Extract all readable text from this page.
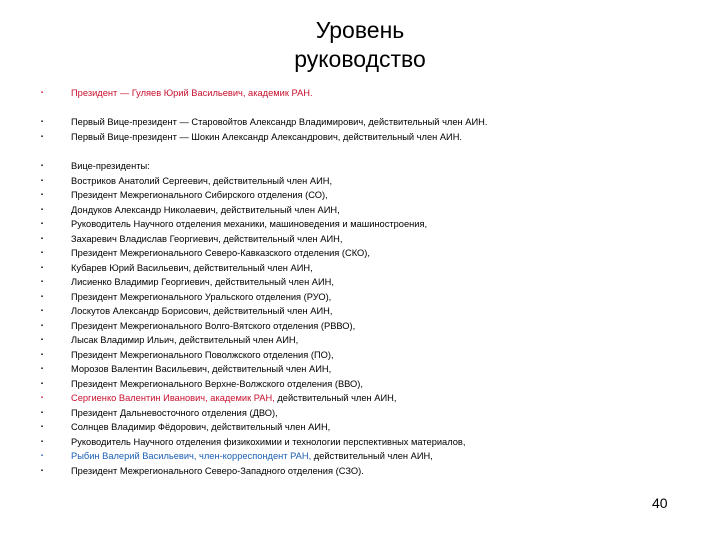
Уровень
руководство
▪	Президент — Гуляев Юрий Васильевич, академик РАН.
▪	Первый Вице-президент — Старовойтов Александр Владимирович, действительный член АИН.
▪	Первый Вице-президент — Шокин Александр Александрович, действительный член АИН.
▪	Вице-президенты:
▪	Востриков Анатолий Сергеевич, действительный член АИН,
▪	Президент Межрегионального Сибирского отделения (СО),
▪	Дондуков Александр Николаевич, действительный член АИН,
▪	Руководитель Научного отделения механики, машиноведения и машиностроения,
▪	Захаревич Владислав Георгиевич, действительный член АИН,
▪	Президент Межрегионального Северо-Кавказского отделения (СКО),
▪	Кубарев Юрий Васильевич, действительный член АИН,
▪	Лисиенко Владимир Георгиевич, действительный член АИН,
▪	Президент Межрегионального Уральского отделения (РУО),
▪	Лоскутов Александр Борисович, действительный член АИН,
▪	Президент Межрегионального Волго-Вятского отделения (РВВО),
▪	Лысак Владимир Ильич, действительный член АИН,
▪	Президент Межрегионального Поволжского отделения (ПО),
▪	Морозов Валентин Васильевич, действительный член АИН,
▪	Президент Межрегионального Верхне-Волжского отделения (ВВО),
▪	Сергиенко Валентин Иванович, академик РАН, действительный член АИН,
▪	Президент Дальневосточного отделения (ДВО),
▪	Солнцев Владимир Фёдорович, действительный член АИН,
▪	Руководитель Научного отделения физикохимии и технологии перспективных материалов,
▪	Рыбин Валерий Васильевич, член-корреспондент РАН, действительный член АИН,
▪	Президент Межрегионального Северо-Западного отделения (СЗО).
40
